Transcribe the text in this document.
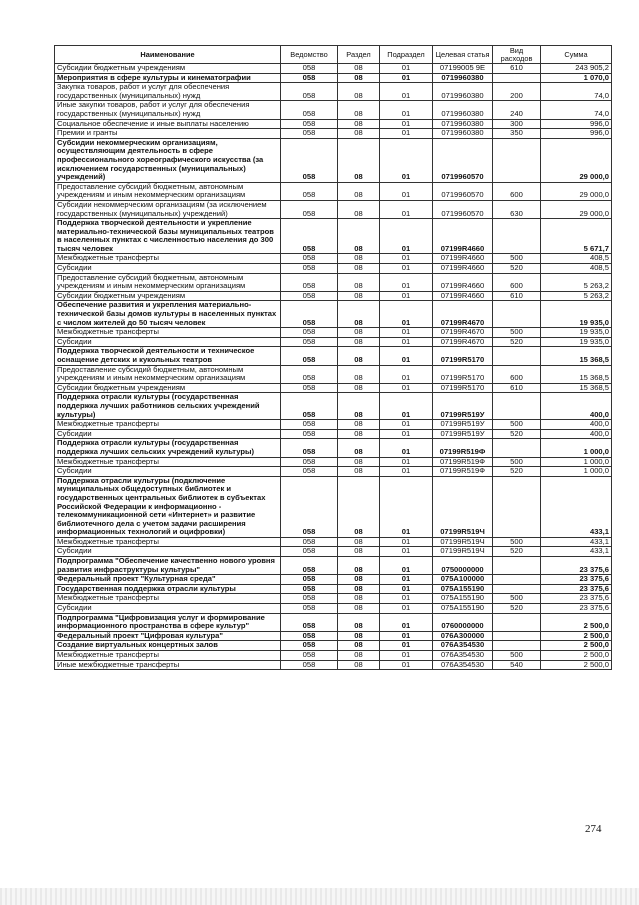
Наименование	Ведомство	Раздел	Подраздел	Целевая статья	Вид расходов	Сумма
Субсидии бюджетным учреждениям	058	08	01	07199005 9Е	610	243 905,2
Мероприятия в сфере культуры и кинематографии	058	08	01	0719960380		1 070,0
Закупка товаров, работ и услуг для обеспечения государственных (муниципальных) нужд	058	08	01	0719960380	200	74,0
Иные закупки товаров, работ и услуг для обеспечения государственных (муниципальных) нужд	058	08	01	0719960380	240	74,0
Социальное обеспечение и иные выплаты населению	058	08	01	0719960380	300	996,0
Премии и гранты	058	08	01	0719960380	350	996,0
Субсидии некоммерческим организациям, осуществляющим деятельность в сфере профессионального хореографического искусства (за исключением государственных (муниципальных) учреждений)	058	08	01	0719960570		29 000,0
Предоставление субсидий бюджетным, автономным учреждениям и иным некоммерческим организациям	058	08	01	0719960570	600	29 000,0
Субсидии некоммерческим организациям (за исключением государственных (муниципальных) учреждений)	058	08	01	0719960570	630	29 000,0
Поддержка творческой деятельности и укрепление материально-технической базы муниципальных театров в населенных пунктах с численностью населения до 300 тысяч человек	058	08	01	07199R4660		5 671,7
Межбюджетные трансферты	058	08	01	07199R4660	500	408,5
Субсидии	058	08	01	07199R4660	520	408,5
Предоставление субсидий бюджетным, автономным учреждениям и иным некоммерческим организациям	058	08	01	07199R4660	600	5 263,2
Субсидии бюджетным учреждениям	058	08	01	07199R4660	610	5 263,2
Обеспечение развития и укрепления материально-технической базы домов культуры в населенных пунктах с числом жителей до 50 тысяч человек	058	08	01	07199R4670		19 935,0
Межбюджетные трансферты	058	08	01	07199R4670	500	19 935,0
Субсидии	058	08	01	07199R4670	520	19 935,0
Поддержка творческой деятельности и техническое оснащение детских и кукольных театров	058	08	01	07199R5170		15 368,5
Предоставление субсидий бюджетным, автономным учреждениям и иным некоммерческим организациям	058	08	01	07199R5170	600	15 368,5
Субсидии бюджетным учреждениям	058	08	01	07199R5170	610	15 368,5
Поддержка отрасли культуры (государственная поддержка лучших работников сельских учреждений культуры)	058	08	01	07199R519У		400,0
Межбюджетные трансферты	058	08	01	07199R519У	500	400,0
Субсидии	058	08	01	07199R519У	520	400,0
Поддержка отрасли культуры (государственная поддержка лучших сельских учреждений культуры)	058	08	01	07199R519Ф		1 000,0
Межбюджетные трансферты	058	08	01	07199R519Ф	500	1 000,0
Субсидии	058	08	01	07199R519Ф	520	1 000,0
Поддержка отрасли культуры (подключение муниципальных общедоступных библиотек и государственных центральных библиотек в субъектах Российской Федерации к информационно - телекоммуникационной сети «Интернет» и развитие библиотечного дела с учетом задачи расширения информационных технологий и оцифровки)	058	08	01	07199R519Ч		433,1
Межбюджетные трансферты	058	08	01	07199R519Ч	500	433,1
Субсидии	058	08	01	07199R519Ч	520	433,1
Подпрограмма "Обеспечение качественно нового уровня развития инфраструктуры культуры"	058	08	01	0750000000		23 375,6
Федеральный проект "Культурная среда"	058	08	01	075A100000		23 375,6
Государственная поддержка отрасли культуры	058	08	01	075A155190		23 375,6
Межбюджетные трансферты	058	08	01	075A155190	500	23 375,6
Субсидии	058	08	01	075A155190	520	23 375,6
Подпрограмма "Цифровизация услуг и формирование информационного пространства в сфере культур"	058	08	01	0760000000		2 500,0
Федеральный проект "Цифровая культура"	058	08	01	076A300000		2 500,0
Создание виртуальных концертных залов	058	08	01	076A354530		2 500,0
Межбюджетные трансферты	058	08	01	076A354530	500	2 500,0
Иные межбюджетные трансферты	058	08	01	076A354530	540	2 500,0
274
